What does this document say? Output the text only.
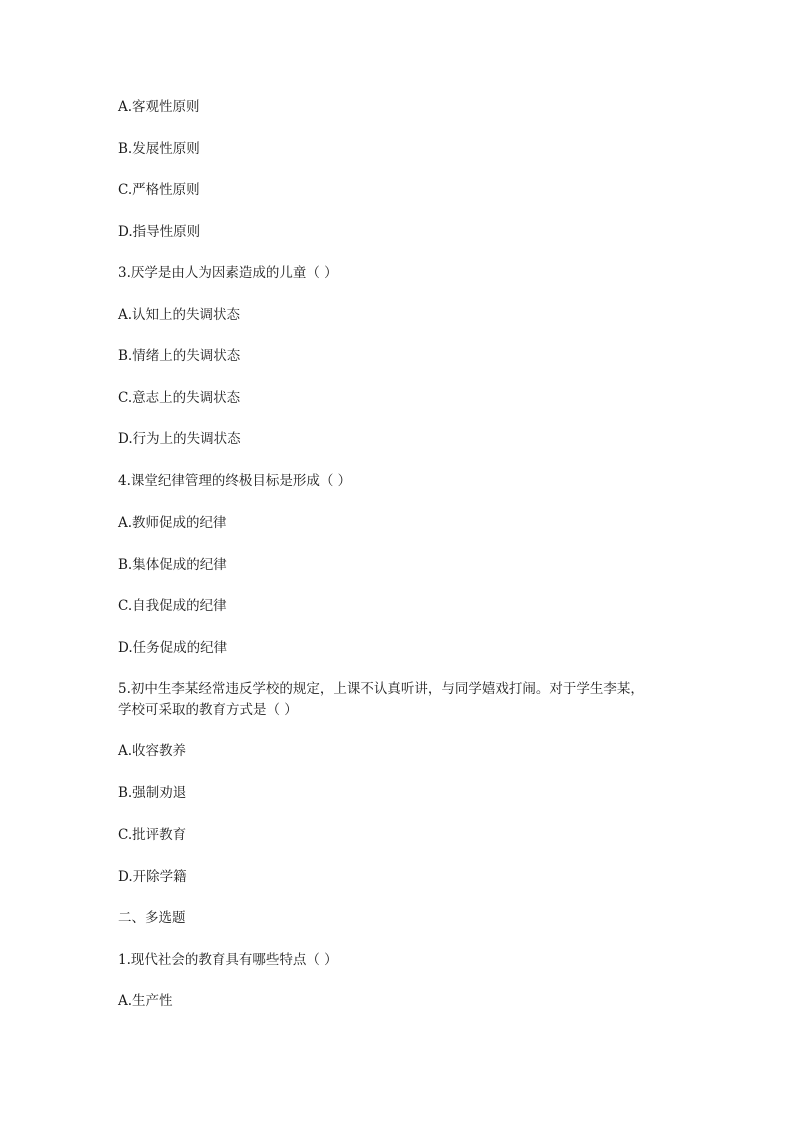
A.客观性原则
B.发展性原则
C.严格性原则
D.指导性原则
3.厌学是由人为因素造成的儿童（ ）
A.认知上的失调状态
B.情绪上的失调状态
C.意志上的失调状态
D.行为上的失调状态
4.课堂纪律管理的终极目标是形成（ ）
A.教师促成的纪律
B.集体促成的纪律
C.自我促成的纪律
D.任务促成的纪律
5.初中生李某经常违反学校的规定，上课不认真听讲，与同学嬉戏打闹。对于学生李某，
学校可采取的教育方式是（ ）
A.收容教养
B.强制劝退
C.批评教育
D.开除学籍
二、多选题
1.现代社会的教育具有哪些特点（ ）
A.生产性
